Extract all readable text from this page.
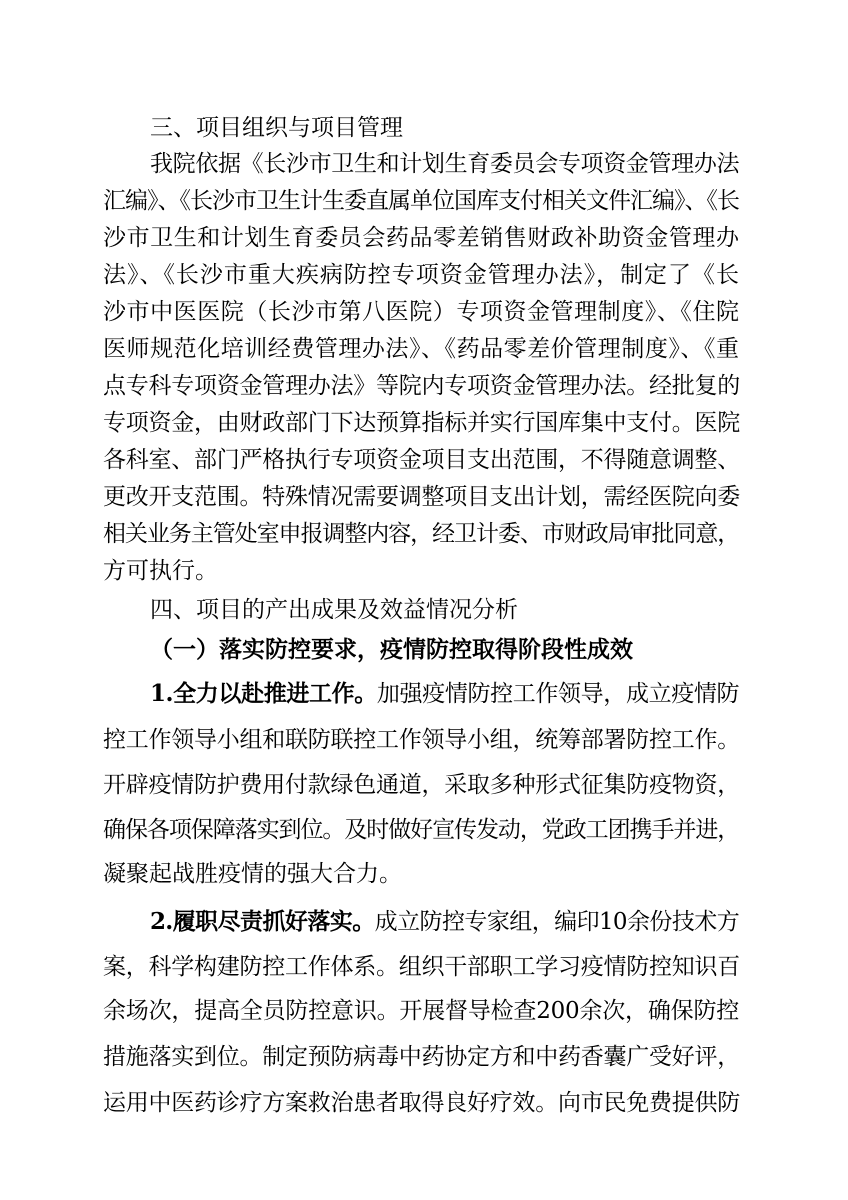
三、项目组织与项目管理
我院依据《长沙市卫生和计划生育委员会专项资金管理办法
汇编》、《长沙市卫生计生委直属单位国库支付相关文件汇编》、《长
沙市卫生和计划生育委员会药品零差销售财政补助资金管理办
法》、《长沙市重大疾病防控专项资金管理办法》，制定了《长
沙市中医医院（长沙市第八医院）专项资金管理制度》、《住院
医师规范化培训经费管理办法》、《药品零差价管理制度》、《重
点专科专项资金管理办法》等院内专项资金管理办法。经批复的
专项资金，由财政部门下达预算指标并实行国库集中支付。医院
各科室、部门严格执行专项资金项目支出范围，不得随意调整、
更改开支范围。特殊情况需要调整项目支出计划，需经医院向委
相关业务主管处室申报调整内容，经卫计委、市财政局审批同意，
方可执行。
四、项目的产出成果及效益情况分析
（一）落实防控要求，疫情防控取得阶段性成效
1.全力以赴推进工作。加强疫情防控工作领导，成立疫情防
控工作领导小组和联防联控工作领导小组，统筹部署防控工作。
开辟疫情防护费用付款绿色通道，采取多种形式征集防疫物资，
确保各项保障落实到位。及时做好宣传发动，党政工团携手并进，
凝聚起战胜疫情的强大合力。
2.履职尽责抓好落实。成立防控专家组，编印10余份技术方
案，科学构建防控工作体系。组织干部职工学习疫情防控知识百
余场次，提高全员防控意识。开展督导检查200余次，确保防控
措施落实到位。制定预防病毒中药协定方和中药香囊广受好评，
运用中医药诊疗方案救治患者取得良好疗效。向市民免费提供防
